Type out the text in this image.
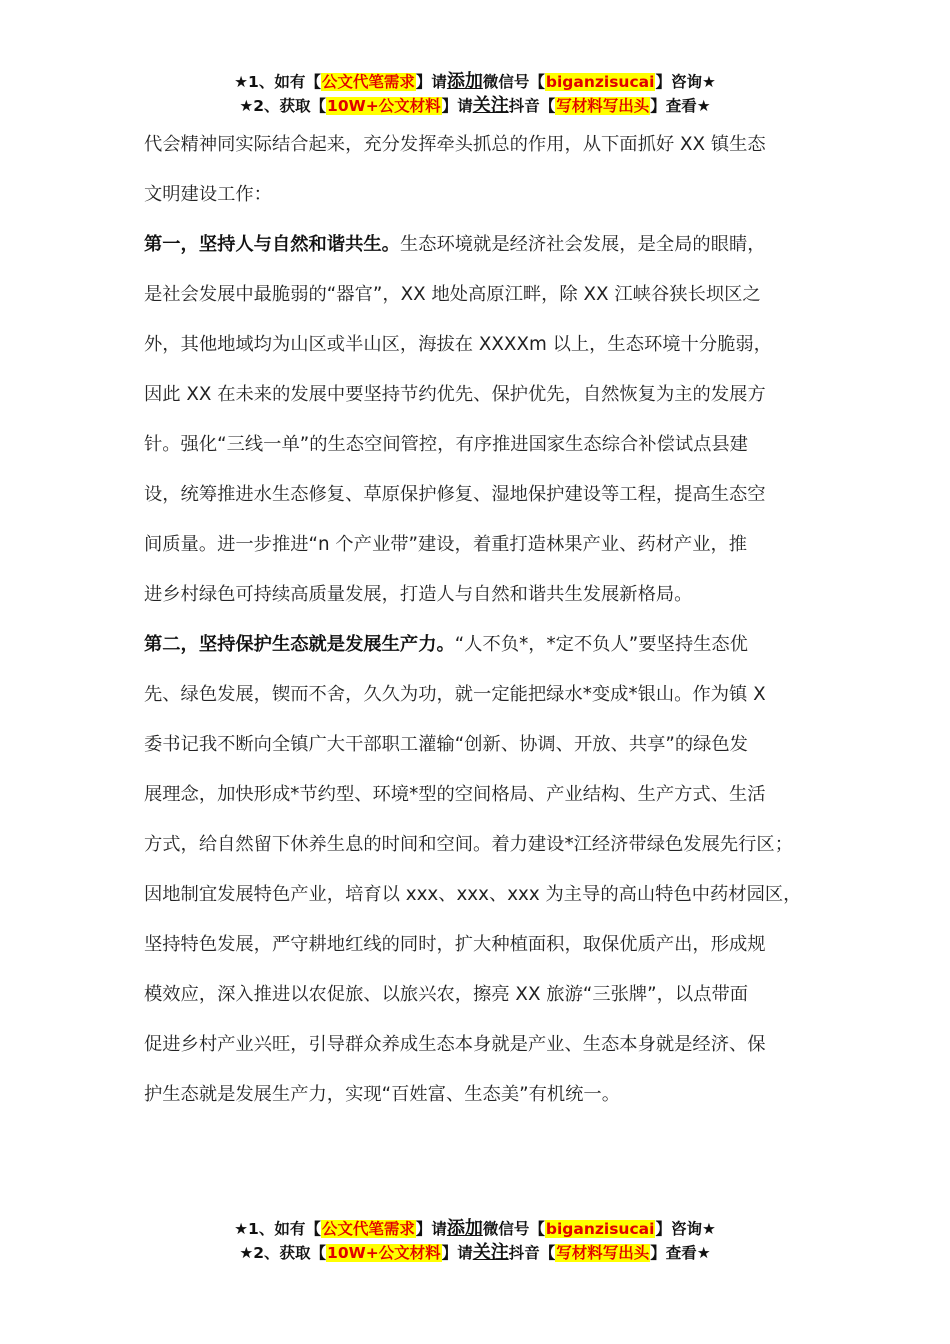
★1、如有【公文代笔需求】请添加微信号【biganzisucai】咨询★
★2、获取【10W+公文材料】请关注抖音【写材料写出头】查看★
代会精神同实际结合起来，充分发挥牵头抓总的作用，从下面抓好 XX 镇生态
文明建设工作：
第一，坚持人与自然和谐共生。生态环境就是经济社会发展，是全局的眼睛，
是社会发展中最脆弱的“器官”，XX 地处高原江畔，除 XX 江峡谷狭长坝区之
外，其他地域均为山区或半山区，海拔在 XXXXm 以上，生态环境十分脆弱，
因此 XX 在未来的发展中要坚持节约优先、保护优先，自然恢复为主的发展方
针。强化“三线一单”的生态空间管控，有序推进国家生态综合补偿试点县建
设，统筹推进水生态修复、草原保护修复、湿地保护建设等工程，提高生态空
间质量。进一步推进“n 个产业带”建设，着重打造林果产业、药材产业，推
进乡村绿色可持续高质量发展，打造人与自然和谐共生发展新格局。
第二，坚持保护生态就是发展生产力。“人不负*，*定不负人”要坚持生态优
先、绿色发展，锲而不舍，久久为功，就一定能把绿水*变成*银山。作为镇 X
委书记我不断向全镇广大干部职工灌输“创新、协调、开放、共享”的绿色发
展理念，加快形成*节约型、环境*型的空间格局、产业结构、生产方式、生活
方式，给自然留下休养生息的时间和空间。着力建设*江经济带绿色发展先行区；
因地制宜发展特色产业，培育以 xxx、xxx、xxx 为主导的高山特色中药材园区，
坚持特色发展，严守耕地红线的同时，扩大种植面积，取保优质产出，形成规
模效应，深入推进以农促旅、以旅兴农，擦亮 XX 旅游“三张牌”，以点带面
促进乡村产业兴旺，引导群众养成生态本身就是产业、生态本身就是经济、保
护生态就是发展生产力，实现“百姓富、生态美”有机统一。
★1、如有【公文代笔需求】请添加微信号【biganzisucai】咨询★
★2、获取【10W+公文材料】请关注抖音【写材料写出头】查看★
